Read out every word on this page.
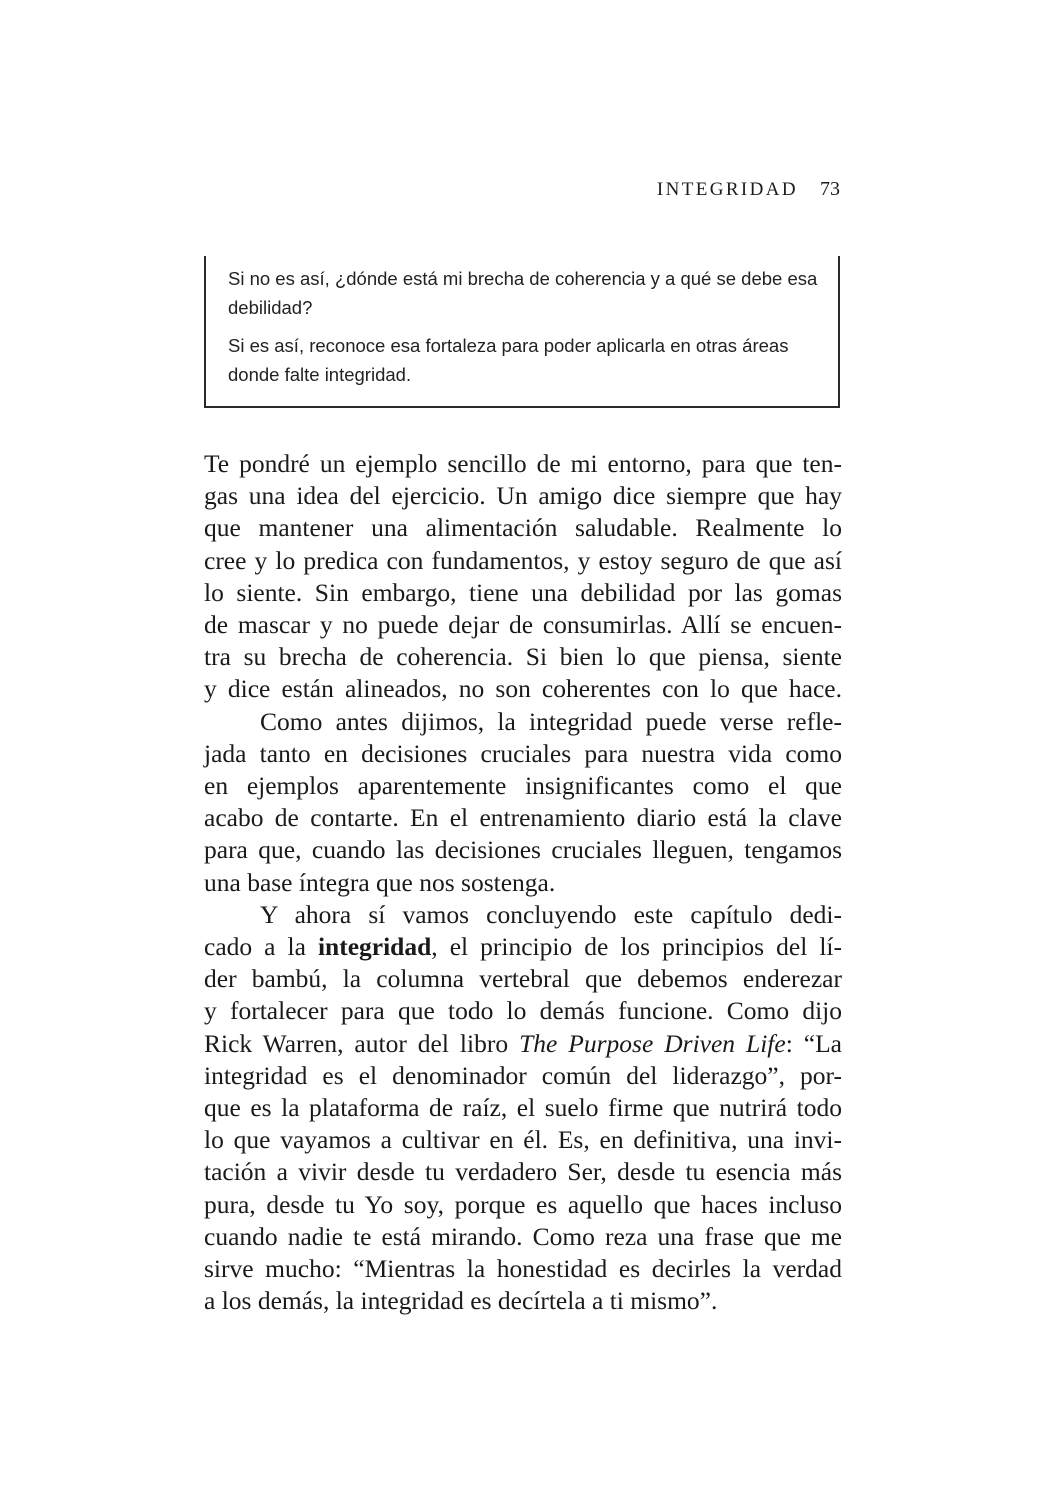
INTEGRIDAD 73

Si no es así, ¿dónde está mi brecha de coherencia y a qué se debe esa debilidad?

Si es así, reconoce esa fortaleza para poder aplicarla en otras áreas donde falte integridad.

Te pondré un ejemplo sencillo de mi entorno, para que ten-
gas una idea del ejercicio. Un amigo dice siempre que hay
que mantener una alimentación saludable. Realmente lo
cree y lo predica con fundamentos, y estoy seguro de que así
lo siente. Sin embargo, tiene una debilidad por las gomas
de mascar y no puede dejar de consumirlas. Allí se encuen-
tra su brecha de coherencia. Si bien lo que piensa, siente
y dice están alineados, no son coherentes con lo que hace.
Como antes dijimos, la integridad puede verse refle-
jada tanto en decisiones cruciales para nuestra vida como
en ejemplos aparentemente insignificantes como el que
acabo de contarte. En el entrenamiento diario está la clave
para que, cuando las decisiones cruciales lleguen, tengamos
una base íntegra que nos sostenga.
Y ahora sí vamos concluyendo este capítulo dedi-
cado a la integridad, el principio de los principios del lí-
der bambú, la columna vertebral que debemos enderezar
y fortalecer para que todo lo demás funcione. Como dijo
Rick Warren, autor del libro The Purpose Driven Life: “La
integridad es el denominador común del liderazgo”, por-
que es la plataforma de raíz, el suelo firme que nutrirá todo
lo que vayamos a cultivar en él. Es, en definitiva, una invi-
tación a vivir desde tu verdadero Ser, desde tu esencia más
pura, desde tu Yo soy, porque es aquello que haces incluso
cuando nadie te está mirando. Como reza una frase que me
sirve mucho: “Mientras la honestidad es decirles la verdad
a los demás, la integridad es decírtela a ti mismo”.
